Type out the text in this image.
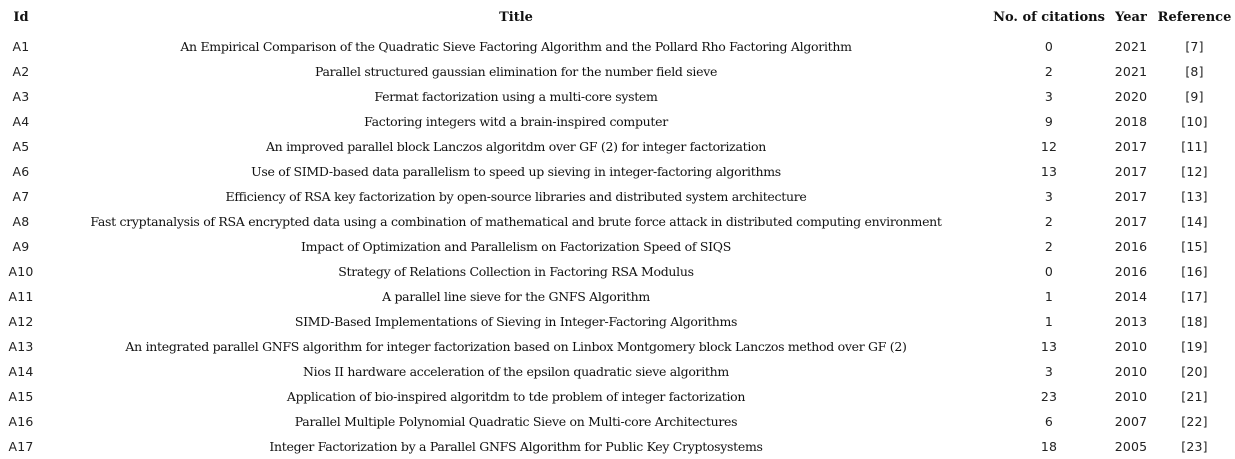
Id	Title	No. of citations	Year	Reference
A1	An Empirical Comparison of the Quadratic Sieve Factoring Algorithm and the Pollard Rho Factoring Algorithm	0	2021	[7]
A2	Parallel structured gaussian elimination for the number field sieve	2	2021	[8]
A3	Fermat factorization using a multi-core system	3	2020	[9]
A4	Factoring integers witd a brain-inspired computer	9	2018	[10]
A5	An improved parallel block Lanczos algoritdm over GF (2) for integer factorization	12	2017	[11]
A6	Use of SIMD-based data parallelism to speed up sieving in integer-factoring algorithms	13	2017	[12]
A7	Efficiency of RSA key factorization by open-source libraries and distributed system architecture	3	2017	[13]
A8	Fast cryptanalysis of RSA encrypted data using a combination of mathematical and brute force attack in distributed computing environment	2	2017	[14]
A9	Impact of Optimization and Parallelism on Factorization Speed of SIQS	2	2016	[15]
A10	Strategy of Relations Collection in Factoring RSA Modulus	0	2016	[16]
A11	A parallel line sieve for the GNFS Algorithm	1	2014	[17]
A12	SIMD-Based Implementations of Sieving in Integer-Factoring Algorithms	1	2013	[18]
A13	An integrated parallel GNFS algorithm for integer factorization based on Linbox Montgomery block Lanczos method over GF (2)	13	2010	[19]
A14	Nios II hardware acceleration of the epsilon quadratic sieve algorithm	3	2010	[20]
A15	Application of bio-inspired algoritdm to tde problem of integer factorization	23	2010	[21]
A16	Parallel Multiple Polynomial Quadratic Sieve on Multi-core Architectures	6	2007	[22]
A17	Integer Factorization by a Parallel GNFS Algorithm for Public Key Cryptosystems	18	2005	[23]
